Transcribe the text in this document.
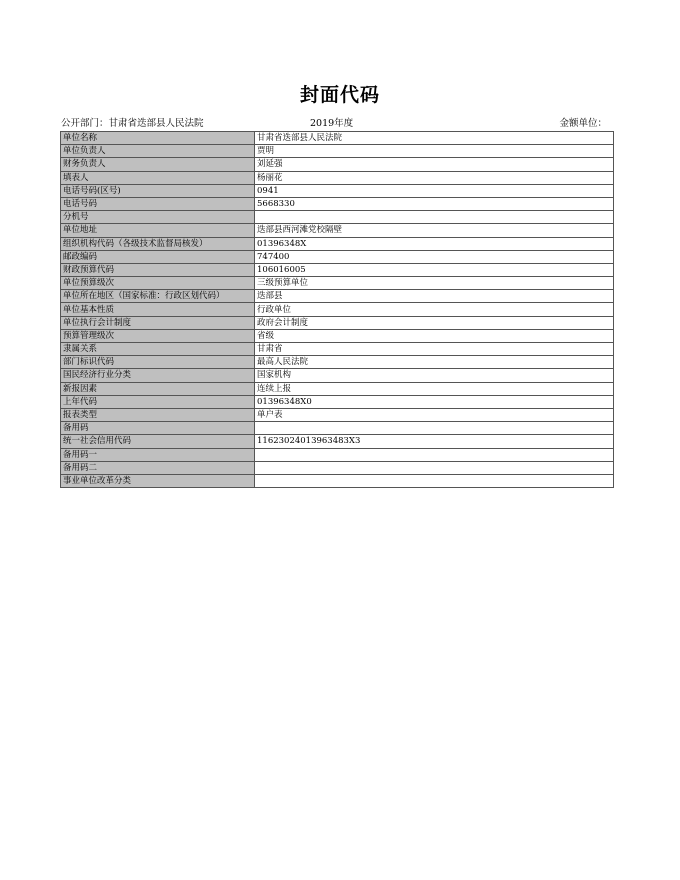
封面代码
公开部门：甘肃省迭部县人民法院	2019年度	金额单位：
单位名称	甘肃省迭部县人民法院
单位负责人	贾明
财务负责人	刘延强
填表人	杨丽花
电话号码(区号)	0941
电话号码	5668330
分机号	
单位地址	迭部县西河滩党校隔壁
组织机构代码（各级技术监督局核发）	01396348X
邮政编码	747400
财政预算代码	106016005
单位预算级次	三级预算单位
单位所在地区（国家标准：行政区划代码）	迭部县
单位基本性质	行政单位
单位执行会计制度	政府会计制度
预算管理级次	省级
隶属关系	甘肃省
部门标识代码	最高人民法院
国民经济行业分类	国家机构
新报因素	连续上报
上年代码	01396348X0
报表类型	单户表
备用码	
统一社会信用代码	11623024013963483X3
备用码一	
备用码二	
事业单位改革分类	
